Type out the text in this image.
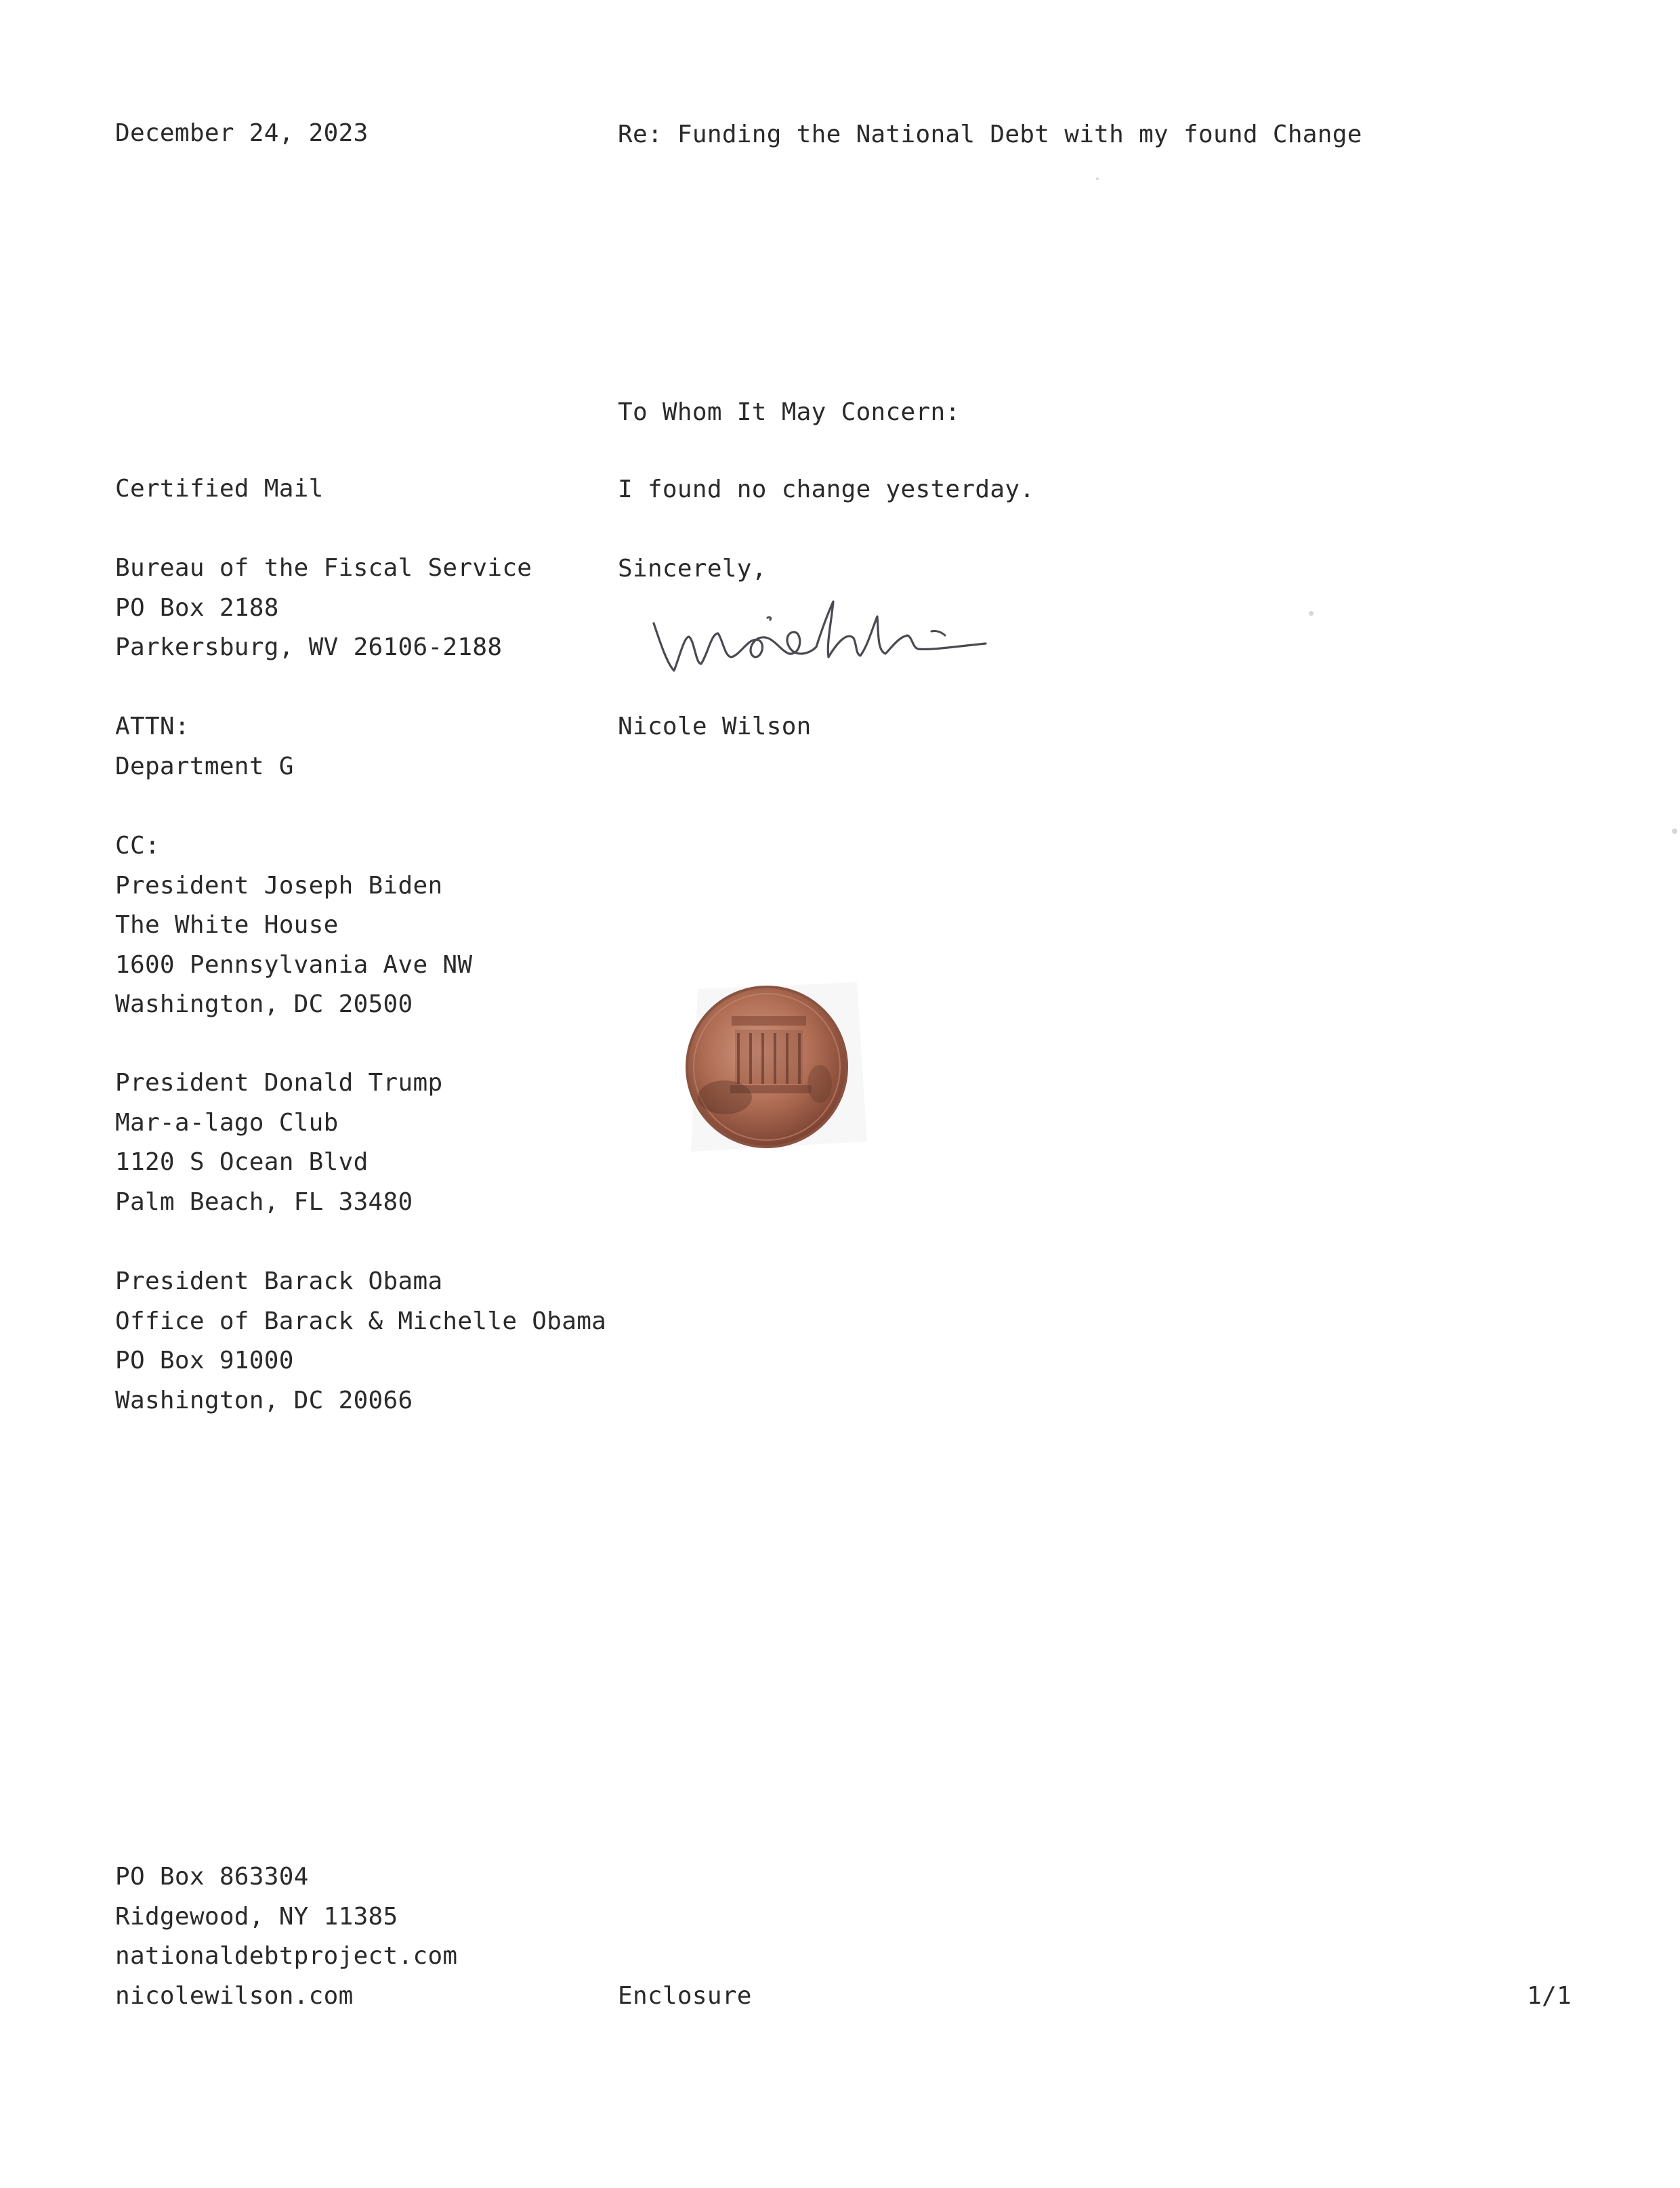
December 24, 2023	Re: Funding the National Debt with my found Change

To Whom It May Concern:

I found no change yesterday.

Sincerely,

Nicole Wilson

Certified Mail

Bureau of the Fiscal Service
PO Box 2188
Parkersburg, WV 26106-2188
ATTN:
Department G
CC:
President Joseph Biden
The White House
1600 Pennsylvania Ave NW
Washington, DC 20500
President Donald Trump
Mar-a-lago Club
1120 S Ocean Blvd
Palm Beach, FL 33480
President Barack Obama
Office of Barack & Michelle Obama
PO Box 91000
Washington, DC 20066
PO Box 863304
Ridgewood, NY 11385
nationaldebtproject.com
nicolewilson.com	Enclosure	1/1
